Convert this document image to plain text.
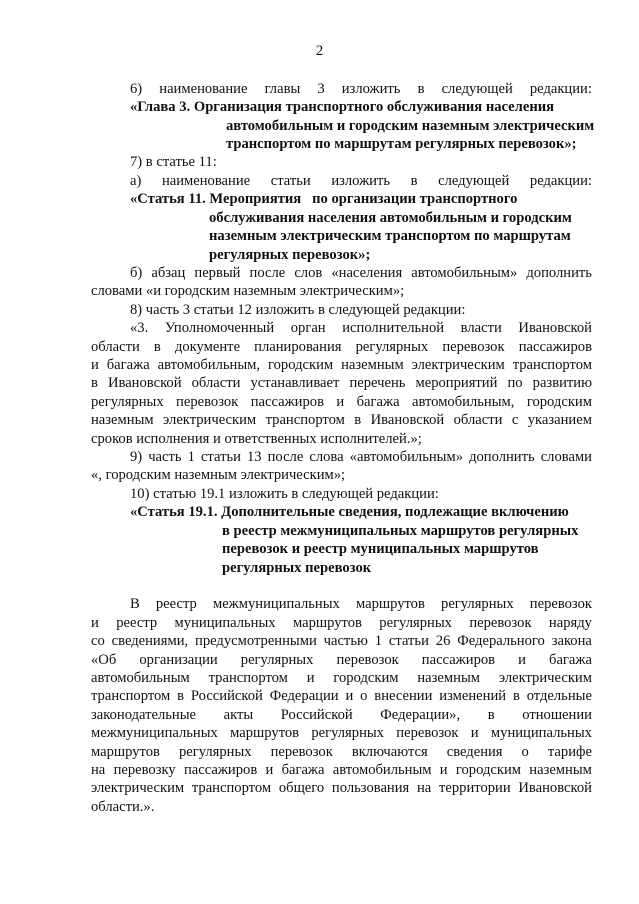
2
6) наименование главы 3 изложить в следующей редакции:
«Глава 3. Организация транспортного обслуживания населения
автомобильным и городским наземным электрическим
транспортом по маршрутам регулярных перевозок»;
7) в статье 11:
а) наименование статьи изложить в следующей редакции:
«Статья 11. Мероприятия   по организации транспортного
обслуживания населения автомобильным и городским
наземным электрическим транспортом по маршрутам
регулярных перевозок»;
б) абзац первый после слов «населения автомобильным» дополнить
словами «и городским наземным электрическим»;
8) часть 3 статьи 12 изложить в следующей редакции:
«3. Уполномоченный орган исполнительной власти Ивановской
области в документе планирования регулярных перевозок пассажиров
и багажа автомобильным, городским наземным электрическим транспортом
в Ивановской области устанавливает перечень мероприятий по развитию
регулярных перевозок пассажиров и багажа автомобильным, городским
наземным электрическим транспортом в Ивановской области с указанием
сроков исполнения и ответственных исполнителей.»;
9) часть 1 статьи 13 после слова «автомобильным» дополнить словами
«, городским наземным электрическим»;
10) статью 19.1 изложить в следующей редакции:
«Статья 19.1. Дополнительные сведения, подлежащие включению
в реестр межмуниципальных маршрутов регулярных
перевозок и реестр муниципальных маршрутов
регулярных перевозок
В реестр межмуниципальных маршрутов регулярных перевозок
и реестр муниципальных маршрутов регулярных перевозок наряду
со сведениями, предусмотренными частью 1 статьи 26 Федерального закона
«Об организации регулярных перевозок пассажиров и багажа
автомобильным транспортом и городским наземным электрическим
транспортом в Российской Федерации и о внесении изменений в отдельные
законодательные акты Российской Федерации», в отношении
межмуниципальных маршрутов регулярных перевозок и муниципальных
маршрутов регулярных перевозок включаются сведения о тарифе
на перевозку пассажиров и багажа автомобильным и городским наземным
электрическим транспортом общего пользования на территории Ивановской
области.».
